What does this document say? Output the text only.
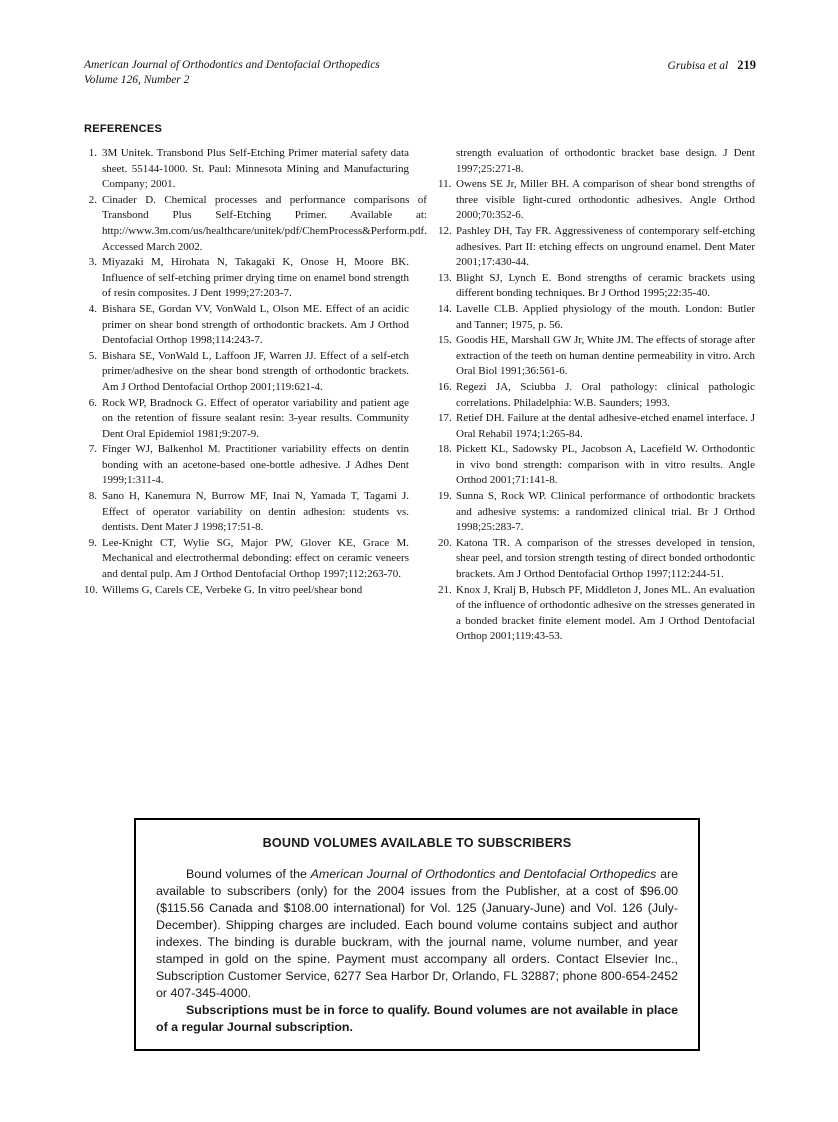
American Journal of Orthodontics and Dentofacial Orthopedics
Volume 126, Number 2
Grubisa et al 219
REFERENCES
1. 3M Unitek. Transbond Plus Self-Etching Primer material safety data sheet. 55144-1000. St. Paul: Minnesota Mining and Manufacturing Company; 2001.
2. Cinader D. Chemical processes and performance comparisons of Transbond Plus Self-Etching Primer. Available at: http://www.3m.com/us/healthcare/unitek/pdf/ChemProcess&Perform.pdf. Accessed March 2002.
3. Miyazaki M, Hirohata N, Takagaki K, Onose H, Moore BK. Influence of self-etching primer drying time on enamel bond strength of resin composites. J Dent 1999;27:203-7.
4. Bishara SE, Gordan VV, VonWald L, Olson ME. Effect of an acidic primer on shear bond strength of orthodontic brackets. Am J Orthod Dentofacial Orthop 1998;114:243-7.
5. Bishara SE, VonWald L, Laffoon JF, Warren JJ. Effect of a self-etch primer/adhesive on the shear bond strength of orthodontic brackets. Am J Orthod Dentofacial Orthop 2001;119:621-4.
6. Rock WP, Bradnock G. Effect of operator variability and patient age on the retention of fissure sealant resin: 3-year results. Community Dent Oral Epidemiol 1981;9:207-9.
7. Finger WJ, Balkenhol M. Practitioner variability effects on dentin bonding with an acetone-based one-bottle adhesive. J Adhes Dent 1999;1:311-4.
8. Sano H, Kanemura N, Burrow MF, Inai N, Yamada T, Tagami J. Effect of operator variability on dentin adhesion: students vs. dentists. Dent Mater J 1998;17:51-8.
9. Lee-Knight CT, Wylie SG, Major PW, Glover KE, Grace M. Mechanical and electrothermal debonding: effect on ceramic veneers and dental pulp. Am J Orthod Dentofacial Orthop 1997;112:263-70.
10. Willems G, Carels CE, Verbeke G. In vitro peel/shear bond
strength evaluation of orthodontic bracket base design. J Dent 1997;25:271-8.
11. Owens SE Jr, Miller BH. A comparison of shear bond strengths of three visible light-cured orthodontic adhesives. Angle Orthod 2000;70:352-6.
12. Pashley DH, Tay FR. Aggressiveness of contemporary self-etching adhesives. Part II: etching effects on unground enamel. Dent Mater 2001;17:430-44.
13. Blight SJ, Lynch E. Bond strengths of ceramic brackets using different bonding techniques. Br J Orthod 1995;22:35-40.
14. Lavelle CLB. Applied physiology of the mouth. London: Butler and Tanner; 1975, p. 56.
15. Goodis HE, Marshall GW Jr, White JM. The effects of storage after extraction of the teeth on human dentine permeability in vitro. Arch Oral Biol 1991;36:561-6.
16. Regezi JA, Sciubba J. Oral pathology: clinical pathologic correlations. Philadelphia: W.B. Saunders; 1993.
17. Retief DH. Failure at the dental adhesive-etched enamel interface. J Oral Rehabil 1974;1:265-84.
18. Pickett KL, Sadowsky PL, Jacobson A, Lacefield W. Orthodontic in vivo bond strength: comparison with in vitro results. Angle Orthod 2001;71:141-8.
19. Sunna S, Rock WP. Clinical performance of orthodontic brackets and adhesive systems: a randomized clinical trial. Br J Orthod 1998;25:283-7.
20. Katona TR. A comparison of the stresses developed in tension, shear peel, and torsion strength testing of direct bonded orthodontic brackets. Am J Orthod Dentofacial Orthop 1997;112:244-51.
21. Knox J, Kralj B, Hubsch PF, Middleton J, Jones ML. An evaluation of the influence of orthodontic adhesive on the stresses generated in a bonded bracket finite element model. Am J Orthod Dentofacial Orthop 2001;119:43-53.
BOUND VOLUMES AVAILABLE TO SUBSCRIBERS

Bound volumes of the American Journal of Orthodontics and Dentofacial Orthopedics are available to subscribers (only) for the 2004 issues from the Publisher, at a cost of $96.00 ($115.56 Canada and $108.00 international) for Vol. 125 (January-June) and Vol. 126 (July-December). Shipping charges are included. Each bound volume contains subject and author indexes. The binding is durable buckram, with the journal name, volume number, and year stamped in gold on the spine. Payment must accompany all orders. Contact Elsevier Inc., Subscription Customer Service, 6277 Sea Harbor Dr, Orlando, FL 32887; phone 800-654-2452 or 407-345-4000.

Subscriptions must be in force to qualify. Bound volumes are not available in place of a regular Journal subscription.
